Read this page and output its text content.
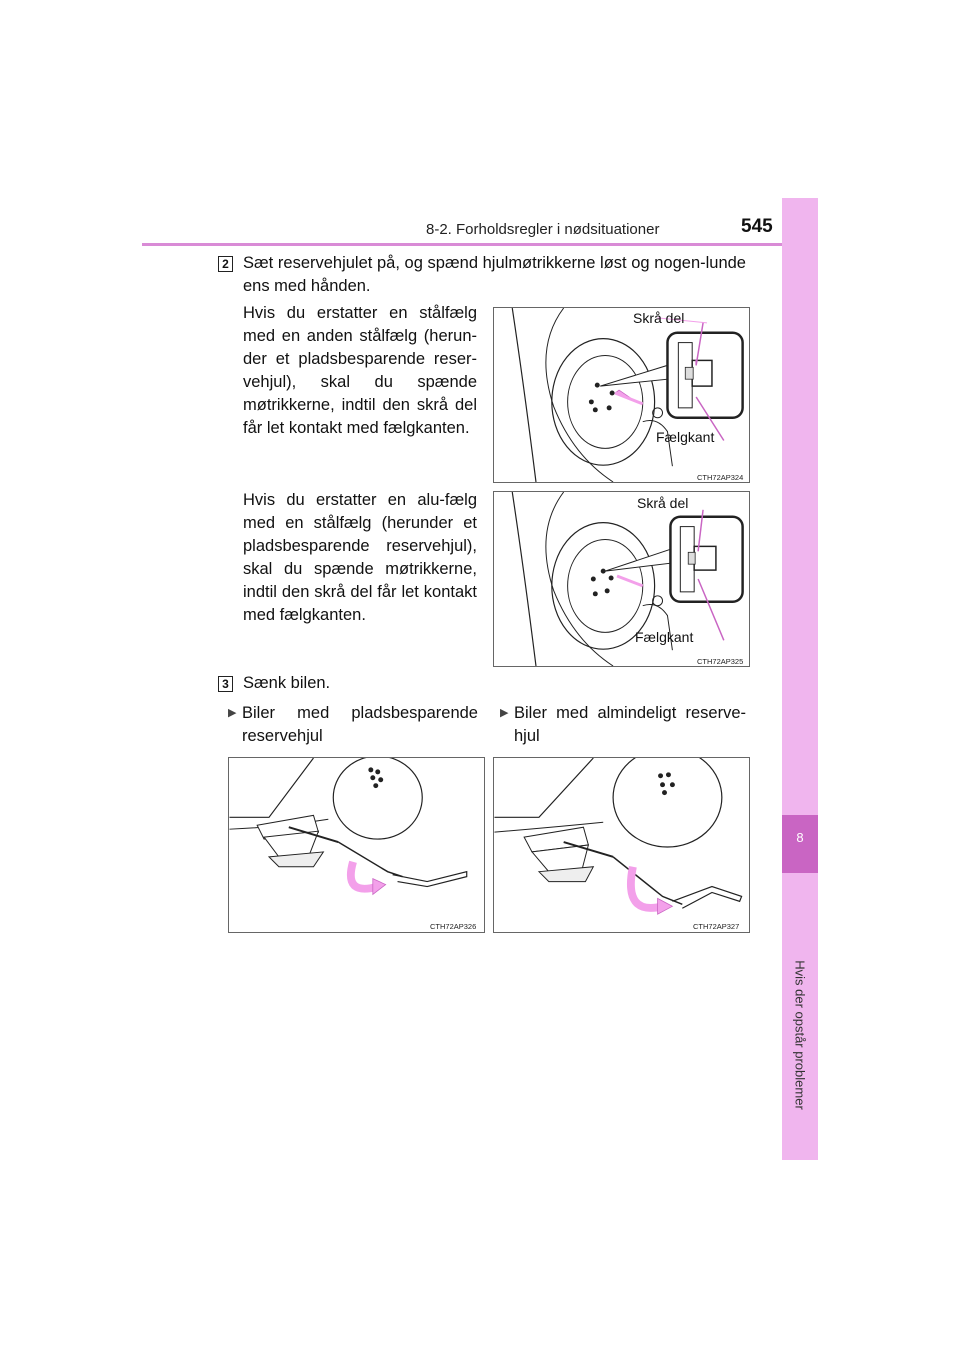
8-2. Forholdsregler i nødsituationer	545
8
Hvis der opstår problemer
2 Sæt reservehjulet på, og spænd hjulmøtrikkerne løst og nogen-lunde ens med hånden.
Hvis du erstatter en stålfælg med en anden stålfælg (herun-der et pladsbesparende reser-vehjul), skal du spænde møtrikkerne, indtil den skrå del får let kontakt med fælgkanten.
Skrå del
Fælgkant
CTH72AP324
Hvis du erstatter en alu-fælg med en stålfælg (herunder et pladsbesparende reservehjul), skal du spænde møtrikkerne, indtil den skrå del får let kontakt med fælgkanten.
Skrå del
Fælgkant
CTH72AP325
3 Sænk bilen.
▶ Biler med pladsbesparende reservehjul
▶ Biler med almindeligt reserve-hjul
CTH72AP326	CTH72AP327
